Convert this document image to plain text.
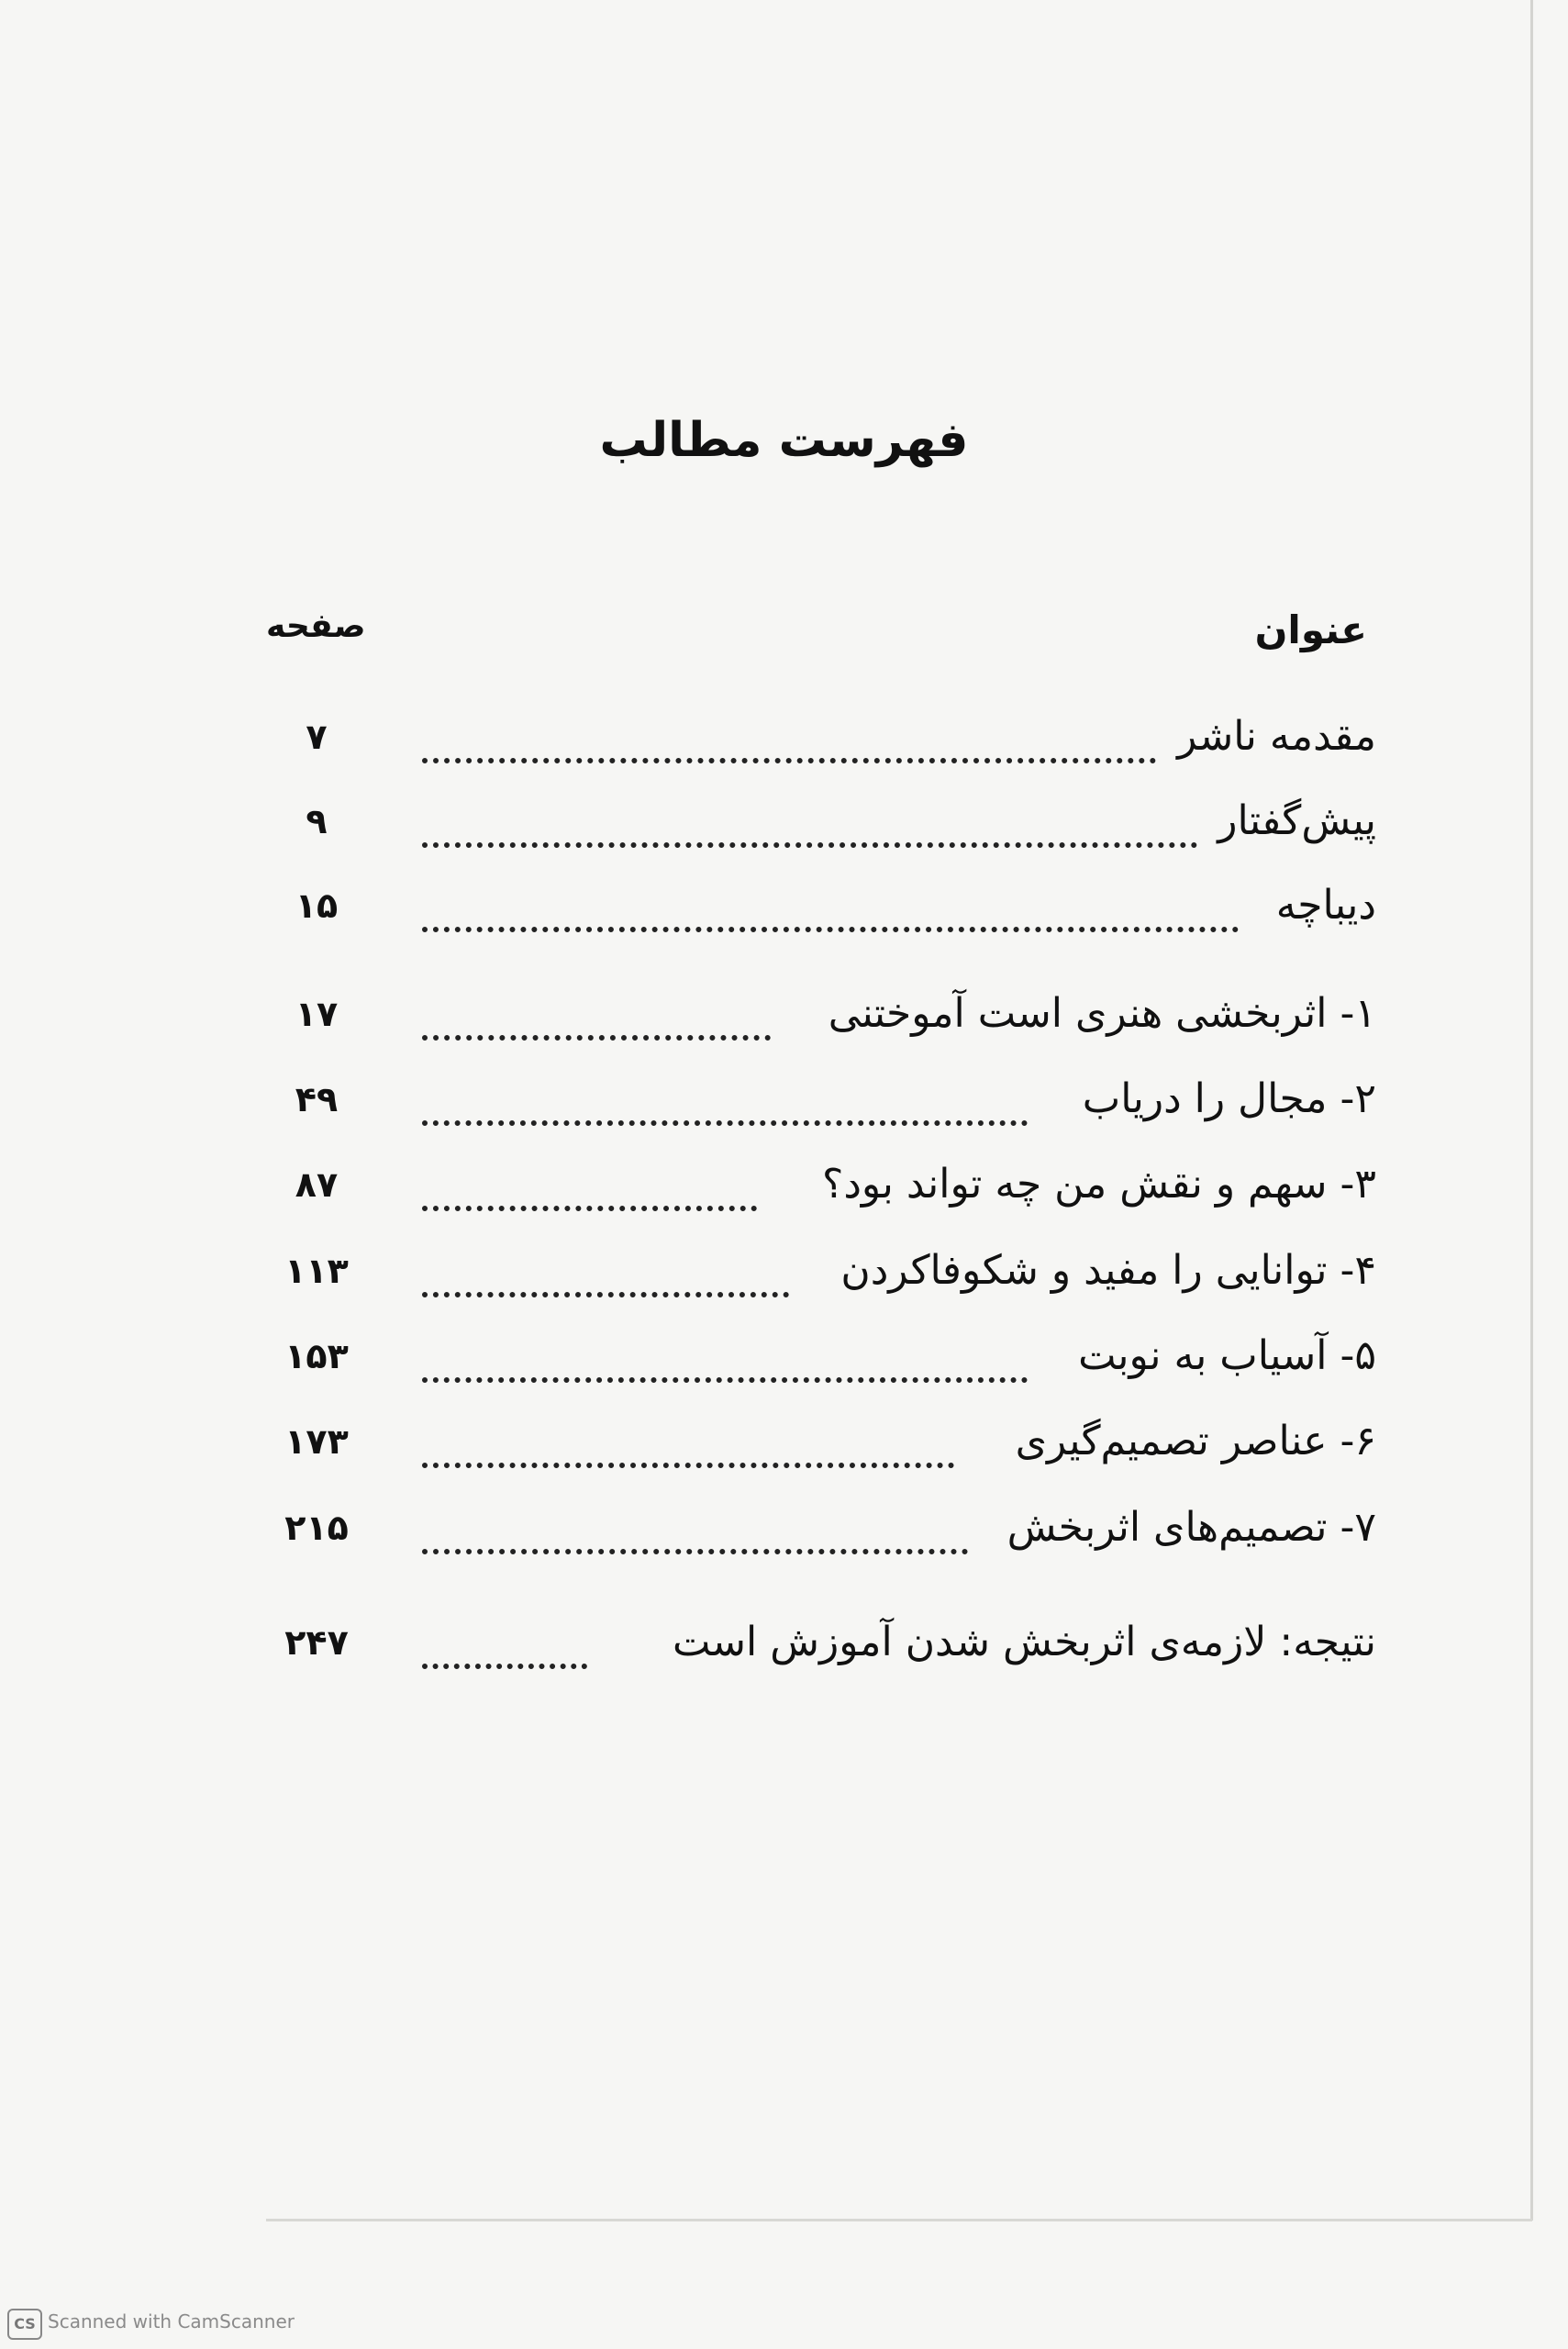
فهرست مطالب
عنوان
صفحه
مقدمه ناشر
۷
پیش‌گفتار
۹
دیباچه
۱۵
۱- اثربخشی هنری است آموختنی
۱۷
۲- مجال را دریاب
۴۹
۳- سهم و نقش من چه تواند بود؟
۸۷
۴- توانایی را مفید و شکوفاکردن
۱۱۳
۵- آسیاب به نوبت
۱۵۳
۶- عناصر تصمیم‌گیری
۱۷۳
۷- تصمیم‌های اثربخش
۲۱۵
نتیجه: لازمه‌ی اثربخش شدن آموزش است
۲۴۷
CS Scanned with CamScanner
